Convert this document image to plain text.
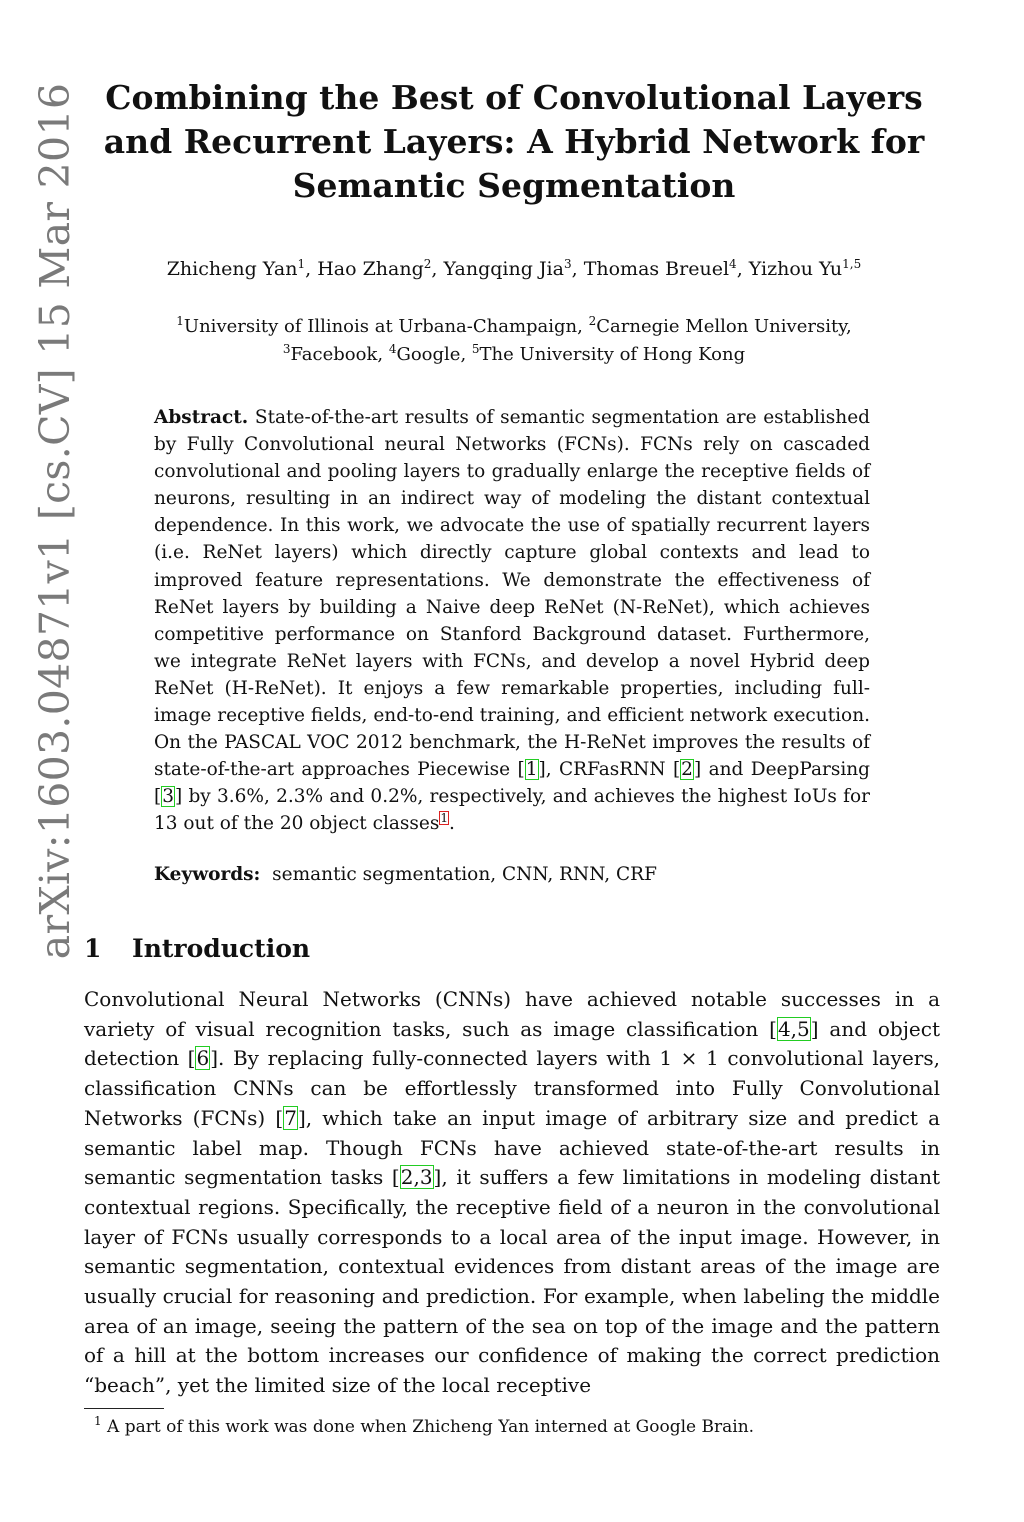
arXiv:1603.04871v1 [cs.CV] 15 Mar 2016 Combining the Best of Convolutional Layers and Recurrent Layers: A Hybrid Network for Semantic Segmentation
Zhicheng Yan$^1$, Hao Zhang$^2$, Yangqing Jia$^3$, Thomas Breuel$^4$, Yizhou Yu$^{1,5}$
$^1$University of Illinois at Urbana-Champaign, $^2$Carnegie Mellon University,
$^3$Facebook, $^4$Google, $^5$The University of Hong Kong
Abstract. State-of-the-art results of semantic segmentation are established by Fully Convolutional neural Networks (FCNs). FCNs rely on cascaded convolutional and pooling layers to gradually enlarge the receptive fields of neurons, resulting in an indirect way of modeling the distant contextual dependence. In this work, we advocate the use of spatially recurrent layers (i.e. ReNet layers) which directly capture global contexts and lead to improved feature representations. We demonstrate the effectiveness of ReNet layers by building a Naive deep ReNet (N-ReNet), which achieves competitive performance on Stanford Background dataset. Furthermore, we integrate ReNet layers with FCNs, and develop a novel Hybrid deep ReNet (H-ReNet). It enjoys a few remarkable properties, including full-image receptive fields, end-to-end training, and efficient network execution. On the PASCAL VOC 2012 benchmark, the H-ReNet improves the results of state-of-the-art approaches Piecewise [1], CRFasRNN [2] and DeepParsing [3] by 3.6%, 2.3% and 0.2%, respectively, and achieves the highest IoUs for 13 out of the 20 object classes$^1$.
Keywords: semantic segmentation, CNN, RNN, CRF
1 Introduction
Convolutional Neural Networks (CNNs) have achieved notable successes in a variety of visual recognition tasks, such as image classification [4,5] and object detection [6]. By replacing fully-connected layers with 1 × 1 convolutional layers, classification CNNs can be effortlessly transformed into Fully Convolutional Networks (FCNs) [7], which take an input image of arbitrary size and predict a semantic label map. Though FCNs have achieved state-of-the-art results in semantic segmentation tasks [2,3], it suffers a few limitations in modeling distant contextual regions. Specifically, the receptive field of a neuron in the convolutional layer of FCNs usually corresponds to a local area of the input image. However, in semantic segmentation, contextual evidences from distant areas of the image are usually crucial for reasoning and prediction. For example, when labeling the middle area of an image, seeing the pattern of the sea on top of the image and the pattern of a hill at the bottom increases our confidence of making the correct prediction “beach”, yet the limited size of the local receptive
$^1$ A part of this work was done when Zhicheng Yan interned at Google Brain.
